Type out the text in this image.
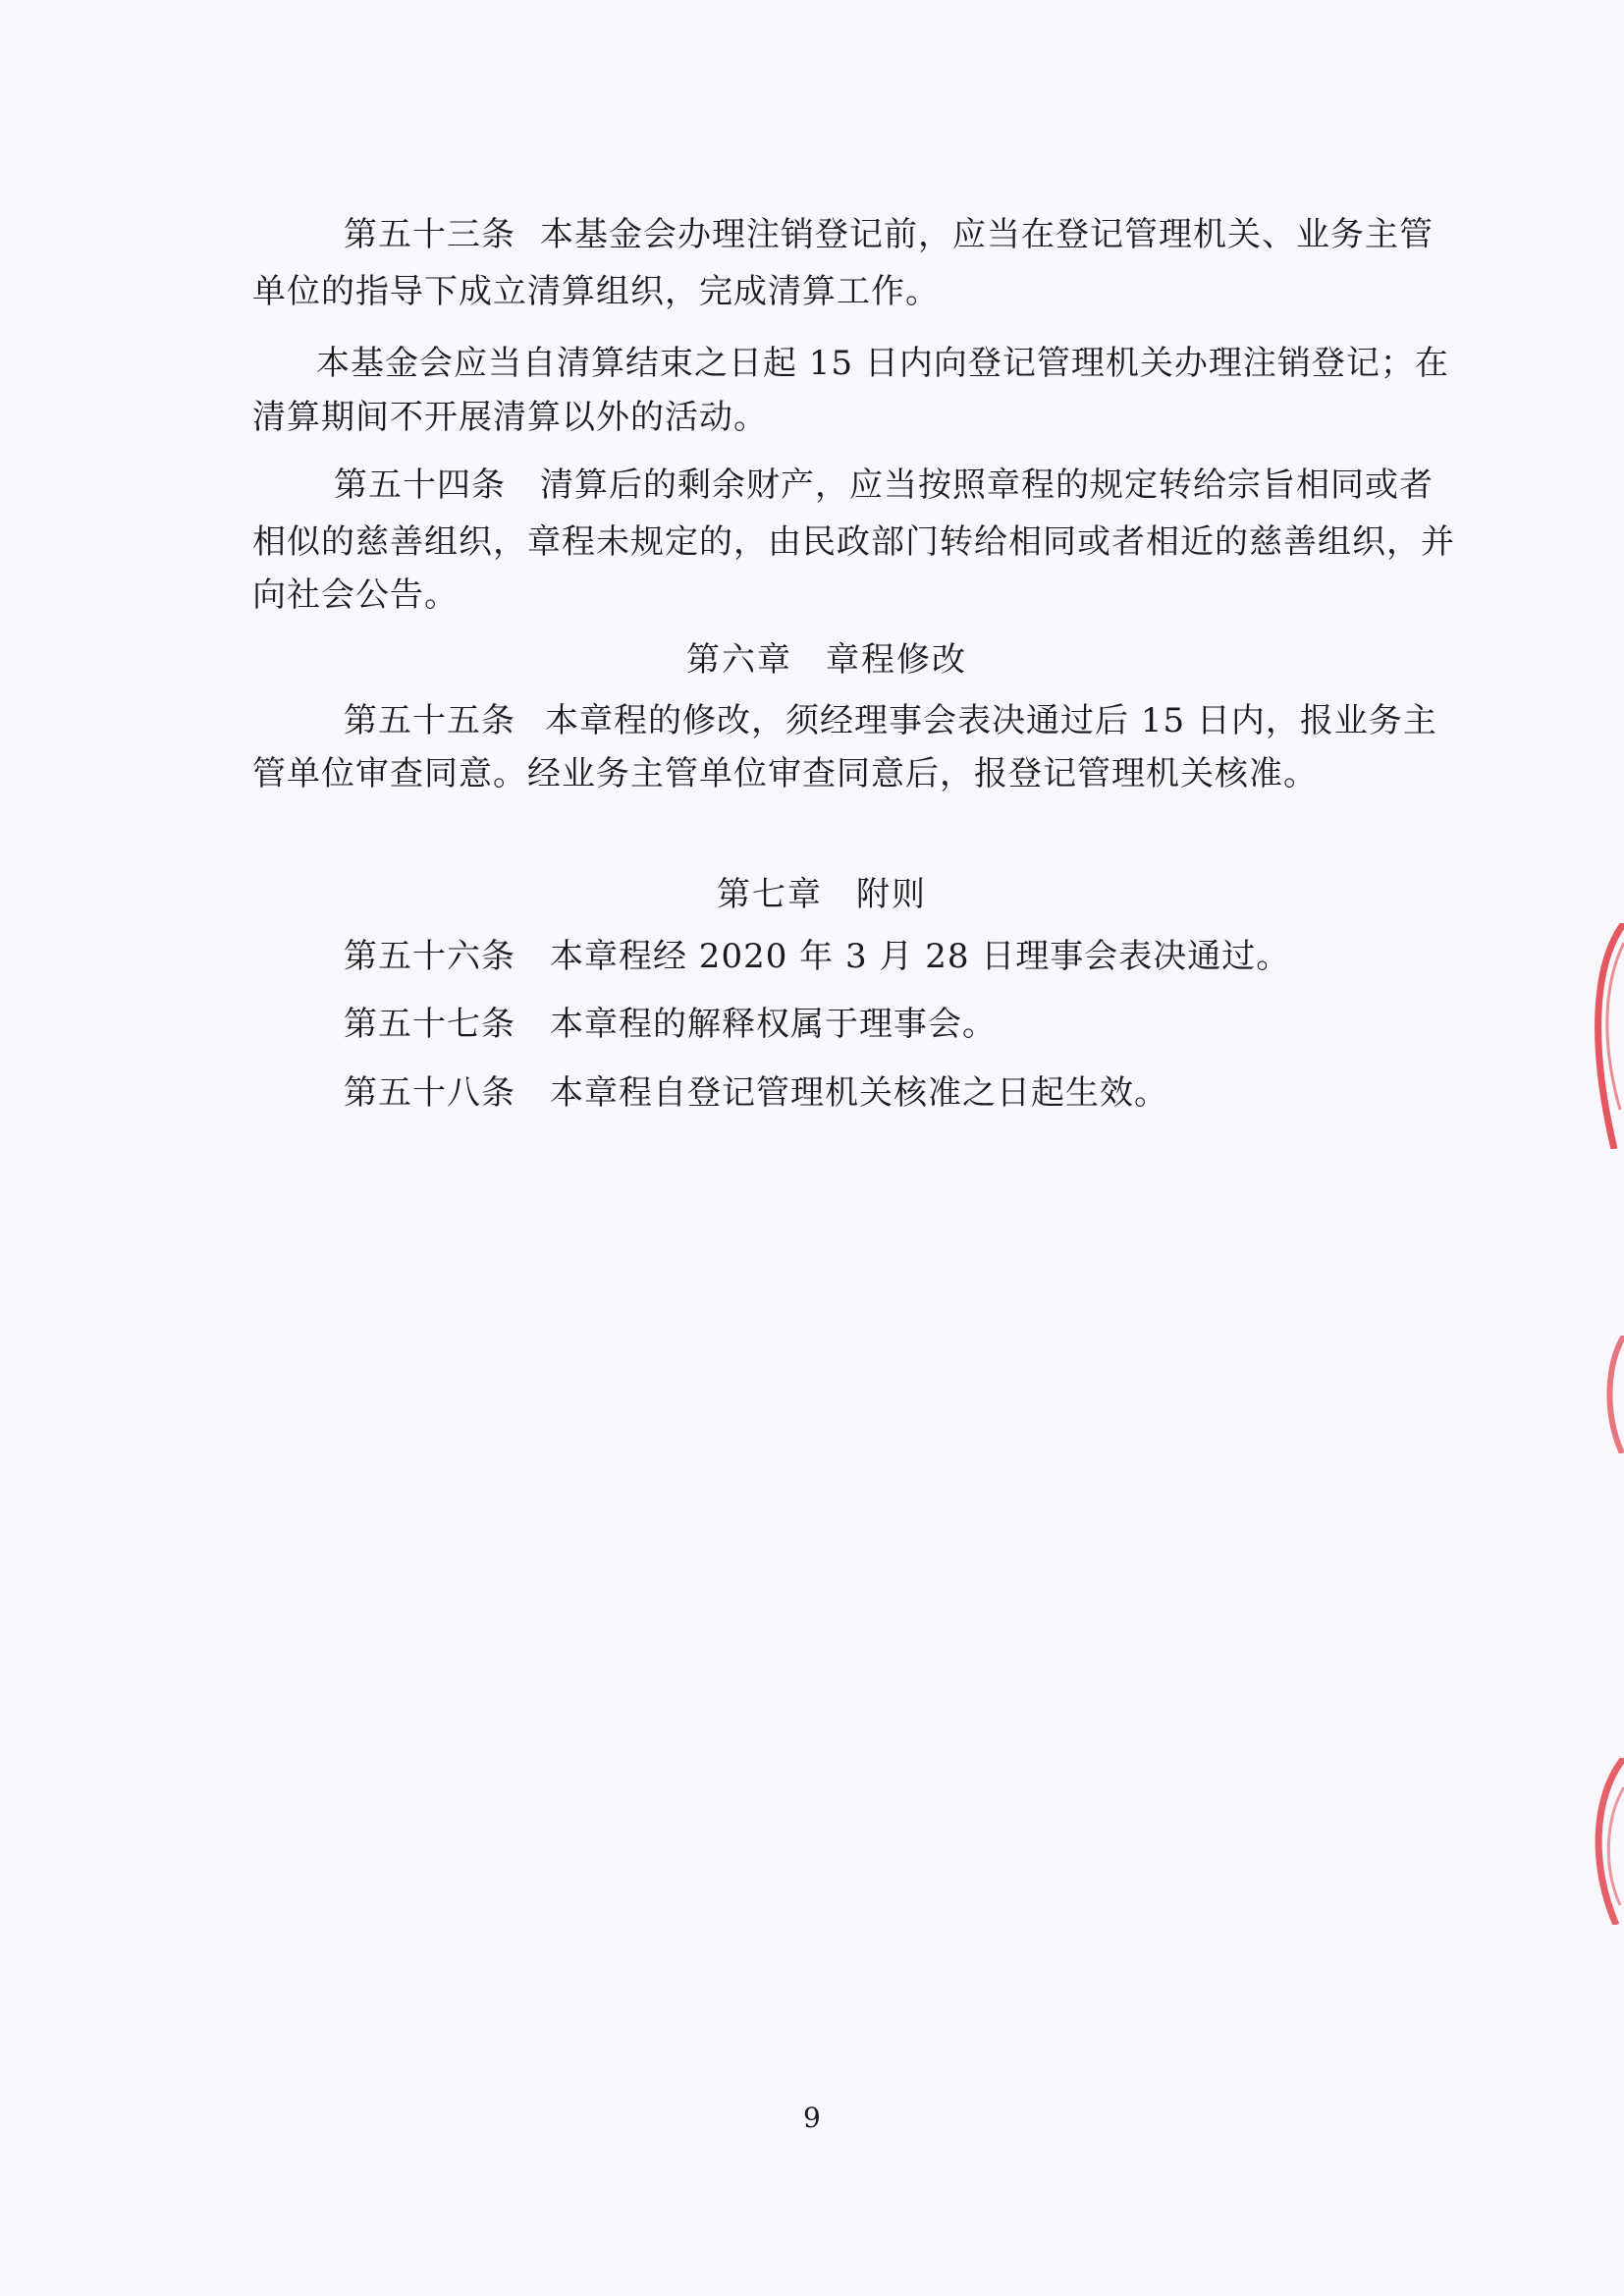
第五十三条 本基金会办理注销登记前，应当在登记管理机关、业务主管
单位的指导下成立清算组织，完成清算工作。
本基金会应当自清算结束之日起 15 日内向登记管理机关办理注销登记；在
清算期间不开展清算以外的活动。
第五十四条 清算后的剩余财产，应当按照章程的规定转给宗旨相同或者
相似的慈善组织，章程未规定的，由民政部门转给相同或者相近的慈善组织，并
向社会公告。
第六章 章程修改
第五十五条 本章程的修改，须经理事会表决通过后 15 日内，报业务主
管单位审查同意。经业务主管单位审查同意后，报登记管理机关核准。
第七章 附则
第五十六条 本章程经 2020 年 3 月 28 日理事会表决通过。
第五十七条 本章程的解释权属于理事会。
第五十八条 本章程自登记管理机关核准之日起生效。
9
